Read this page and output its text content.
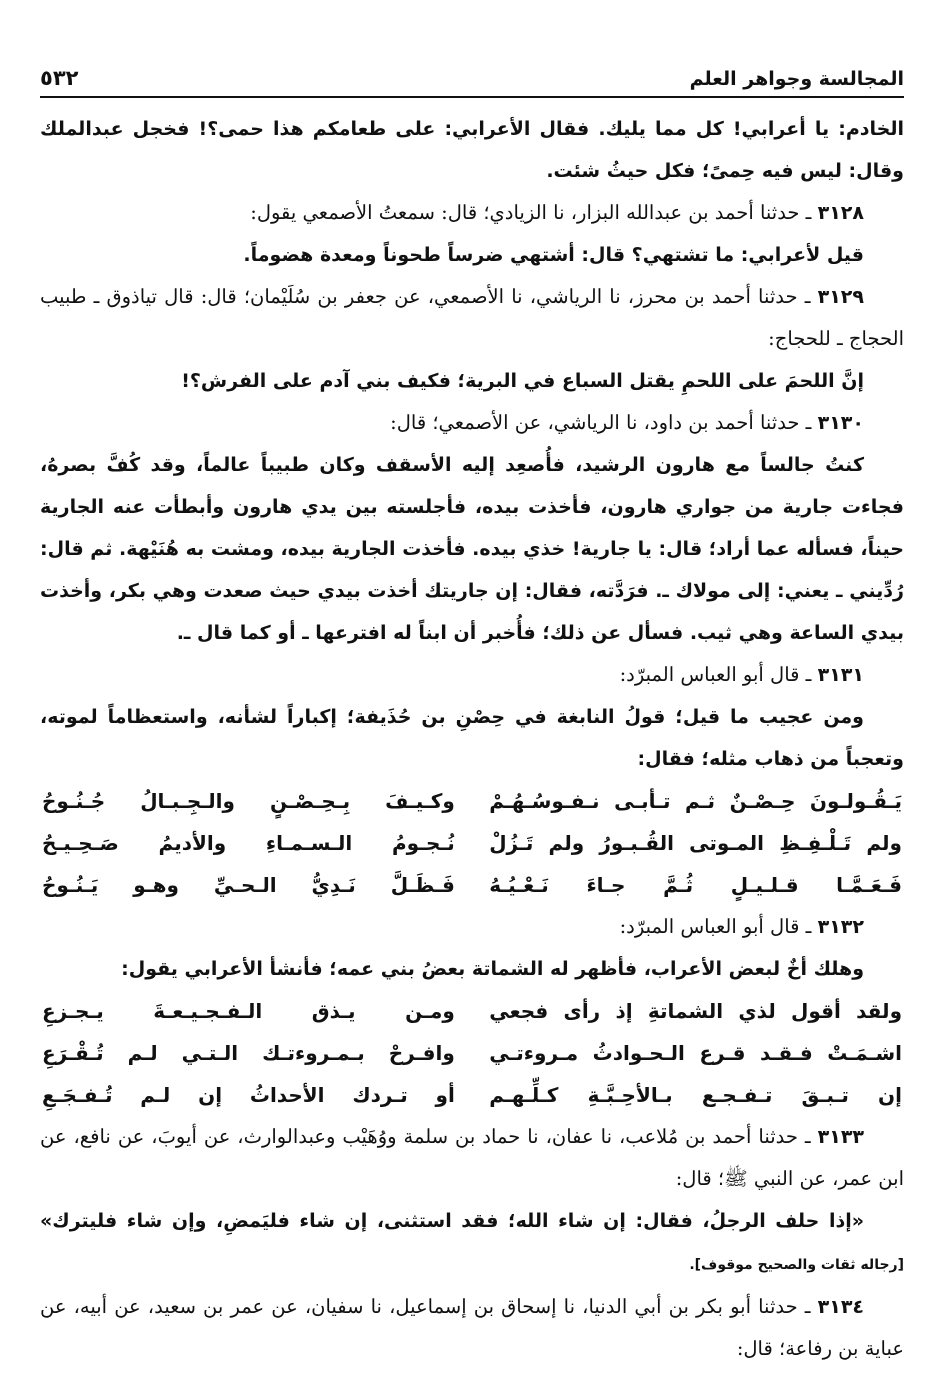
المجالسة وجواهر العلم
٥٣٢

الخادم: يا أعرابي! كل مما يليك. فقال الأعرابي: على طعامكم هذا حمى؟! فخجل عبدالملك وقال: ليس فيه حِمىً؛ فكل حيثُ شئت.

٣١٢٨ ـ حدثنا أحمد بن عبدالله البزار، نا الزيادي؛ قال: سمعتُ الأصمعي يقول:

قيل لأعرابي: ما تشتهي؟ قال: أشتهي ضرساً طحوناً ومعدة هضوماً.

٣١٢٩ ـ حدثنا أحمد بن محرز، نا الرياشي، نا الأصمعي، عن جعفر بن سُلَيْمان؛ قال: قال تياذوق ـ طبيب الحجاج ـ للحجاج:

إنَّ اللحمَ على اللحمِ يقتل السباع في البرية؛ فكيف بني آدم على الفرش؟!

٣١٣٠ ـ حدثنا أحمد بن داود، نا الرياشي، عن الأصمعي؛ قال:

كنتُ جالساً مع هارون الرشيد، فأُصعِد إليه الأسقف وكان طبيباً عالماً، وقد كُفَّ بصرهُ، فجاءت جارية من جواري هارون، فأخذت بيده، فأجلسته بين يدي هارون وأبطأت عنه الجارية حيناً، فسأله عما أراد؛ قال: يا جارية! خذي بيده. فأخذت الجارية بيده، ومشت به هُنَيْهة. ثم قال: رُدِّيني ـ يعني: إلى مولاك ـ. فرَدَّته، فقال: إن جاريتك أخذت بيدي حيث صعدت وهي بكر، وأخذت بيدي الساعة وهي ثيب. فسأل عن ذلك؛ فأُخبر أن ابناً له افترعها ـ أو كما قال ـ.

٣١٣١ ـ قال أبو العباس المبرّد:

ومن عجيب ما قيل؛ قولُ النابغة في حِصْنِ بن حُذَيفة؛ إكباراً لشأنه، واستعظاماً لموته، وتعجباً من ذهاب مثله؛ فقال:

يَـقُـولـونَ حِـصْـنٌ ثـم تـأبـى نـفـوسُـهُـمْ
وكـيـفَ بِـحِـصْـنٍ والـجِـبـالُ جُـنُـوحُ
ولم تَـلْـفِـظِ المـوتى القُـبـورُ ولم تَـزُلْ
نُـجـومُ الـسـمـاءِ والأديمُ صَـحِـيـحُ
فَـعَـمَّـا قـلـيـلٍ ثُـمَّ جـاءَ نَـعْـيُـهُ
فَـظَـلَّ نَـدِيُّ الـحـيِّ وهـو يَـنُـوحُ

٣١٣٢ ـ قال أبو العباس المبرّد:

وهلك أخٌ لبعض الأعراب، فأظهر له الشماتة بعضُ بني عمه؛ فأنشأ الأعرابي يقول:

ولقد أقول لذي الشماتةِ إذ رأى فجعي
ومـن يـذق الـفـجـيـعـةَ يـجـزعِ
اشـمَـتْ فـقـد قـرع الـحـوادثُ مـروءتـي
وافـرحْ بـمـروءتـك الـتـي لـم تُـقْـرَعِ
إن تـبـقَ تـفـجـع بـالأحِـبَّـةِ كـلِّـهـم
أو تـردك الأحداثُ إن لـم تُـفـجَـعِ

٣١٣٣ ـ حدثنا أحمد بن مُلاعب، نا عفان، نا حماد بن سلمة ووُهَيْب وعبدالوارث، عن أيوبَ، عن نافع، عن ابن عمر، عن النبي ﷺ؛ قال:

«إذا حلف الرجلُ، فقال: إن شاء الله؛ فقد استثنى، إن شاء فليَمضِ، وإن شاء فليترك» [رجاله ثقات والصحيح موقوف].

٣١٣٤ ـ حدثنا أبو بكر بن أبي الدنيا، نا إسحاق بن إسماعيل، نا سفيان، عن عمر بن سعيد، عن أبيه، عن عباية بن رفاعة؛ قال:
